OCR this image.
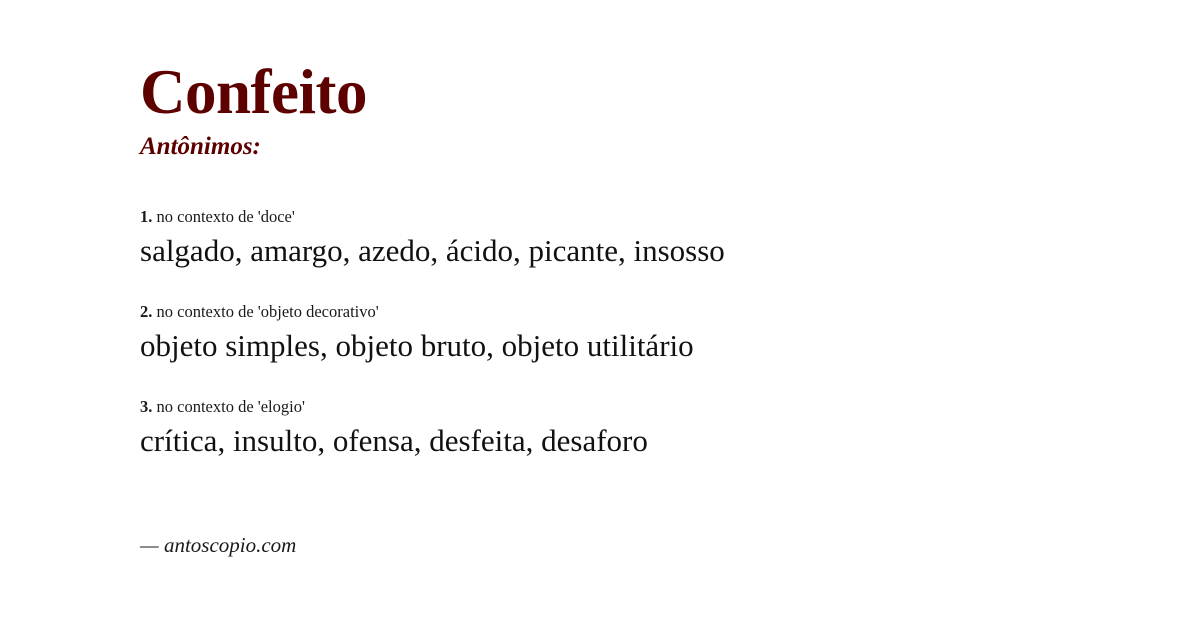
Confeito
Antônimos:
1. no contexto de 'doce'
salgado, amargo, azedo, ácido, picante, insosso
2. no contexto de 'objeto decorativo'
objeto simples, objeto bruto, objeto utilitário
3. no contexto de 'elogio'
crítica, insulto, ofensa, desfeita, desaforo
— antoscopio.com
